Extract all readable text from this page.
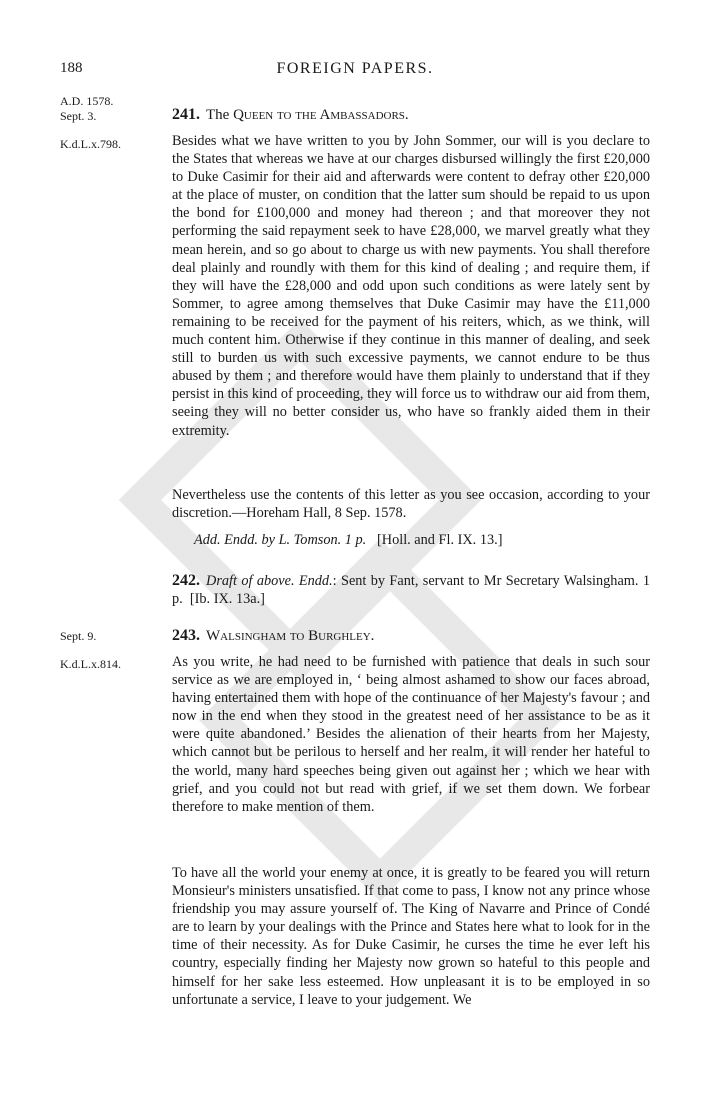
188	FOREIGN PAPERS.
A.D. 1578.
Sept. 3.	241. The Queen to the Ambassadors.
K.d.L.x.798.	Besides what we have written to you by John Sommer, our will is you declare to the States that whereas we have at our charges disbursed willingly the first £20,000 to Duke Casimir for their aid and afterwards were content to defray other £20,000 at the place of muster, on condition that the latter sum should be repaid to us upon the bond for £100,000 and money had thereon ; and that moreover they not performing the said repayment seek to have £28,000, we marvel greatly what they mean herein, and so go about to charge us with new payments. You shall therefore deal plainly and roundly with them for this kind of dealing ; and require them, if they will have the £28,000 and odd upon such conditions as were lately sent by Sommer, to agree among themselves that Duke Casimir may have the £11,000 remaining to be received for the payment of his reiters, which, as we think, will much content him. Otherwise if they continue in this manner of dealing, and seek still to burden us with such excessive payments, we cannot endure to be thus abused by them ; and therefore would have them plainly to understand that if they persist in this kind of proceeding, they will force us to withdraw our aid from them, seeing they will no better consider us, who have so frankly aided them in their extremity.

Nevertheless use the contents of this letter as you see occasion, according to your discretion.—Horeham Hall, 8 Sep. 1578.

Add. Endd. by L. Tomson. 1 p. [Holl. and Fl. IX. 13.]
242. Draft of above. Endd.: Sent by Fant, servant to Mr Secretary Walsingham. 1 p. [Ib. IX. 13a.]
Sept. 9.	243. Walsingham to Burghley.
K.d.L.x.814.	As you write, he had need to be furnished with patience that deals in such sour service as we are employed in, ‘ being almost ashamed to show our faces abroad, having entertained them with hope of the continuance of her Majesty's favour ; and now in the end when they stood in the greatest need of her assistance to be as it were quite abandoned.’ Besides the alienation of their hearts from her Majesty, which cannot but be perilous to herself and her realm, it will render her hateful to the world, many hard speeches being given out against her ; which we hear with grief, and you could not but read with grief, if we set them down. We forbear therefore to make mention of them.

To have all the world your enemy at once, it is greatly to be feared you will return Monsieur's ministers unsatisfied. If that come to pass, I know not any prince whose friendship you may assure yourself of. The King of Navarre and Prince of Condé are to learn by your dealings with the Prince and States here what to look for in the time of their necessity. As for Duke Casimir, he curses the time he ever left his country, especially finding her Majesty now grown so hateful to this people and himself for her sake less esteemed. How unpleasant it is to be employed in so unfortunate a service, I leave to your judgement. We
